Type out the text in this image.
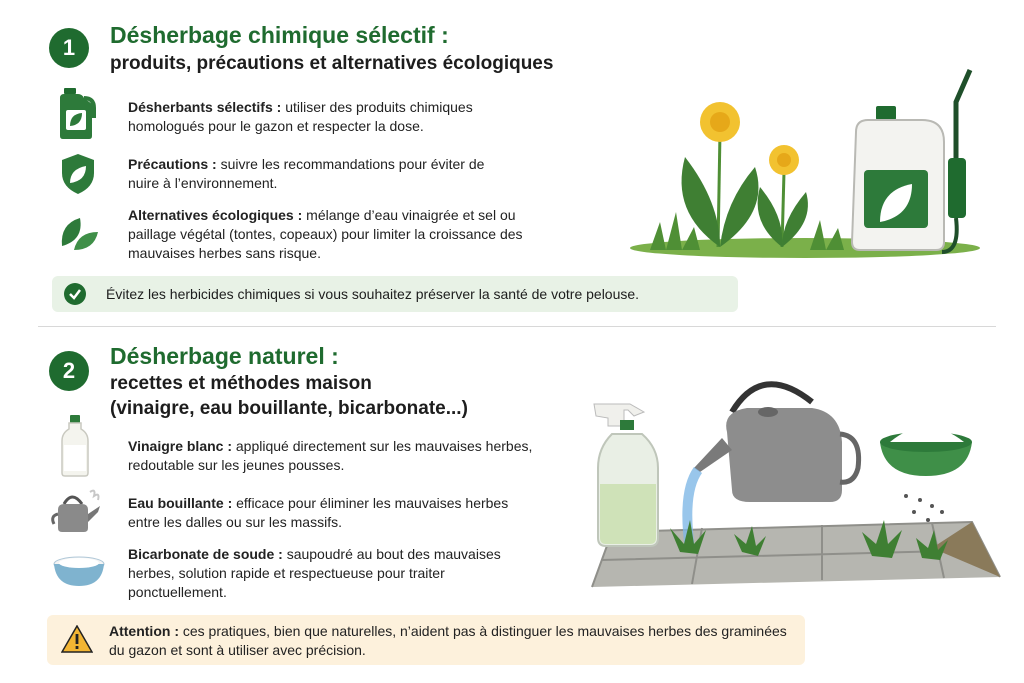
1	Désherbage chimique sélectif :
produits, précautions et alternatives écologiques
Désherbants sélectifs : utiliser des produits chimiques homologués pour le gazon et respecter la dose.
Précautions : suivre les recommandations pour éviter de nuire à l’environnement.
Alternatives écologiques : mélange d’eau vinaigrée et sel ou paillage végétal (tontes, copeaux) pour limiter la croissance des mauvaises herbes sans risque.
Évitez les herbicides chimiques si vous souhaitez préserver la santé de votre pelouse.
2
Désherbage naturel :
recettes et méthodes maison
(vinaigre, eau bouillante, bicarbonate...)
Vinaigre blanc : appliqué directement sur les mauvaises herbes, redoutable sur les jeunes pousses.
Eau bouillante : efficace pour éliminer les mauvaises herbes entre les dalles ou sur les massifs.
Bicarbonate de soude : saupoudré au bout des mauvaises herbes, solution rapide et respectueuse pour traiter ponctuellement.
Attention : ces pratiques, bien que naturelles, n’aident pas à distinguer les mauvaises herbes des graminées du gazon et sont à utiliser avec précision.
